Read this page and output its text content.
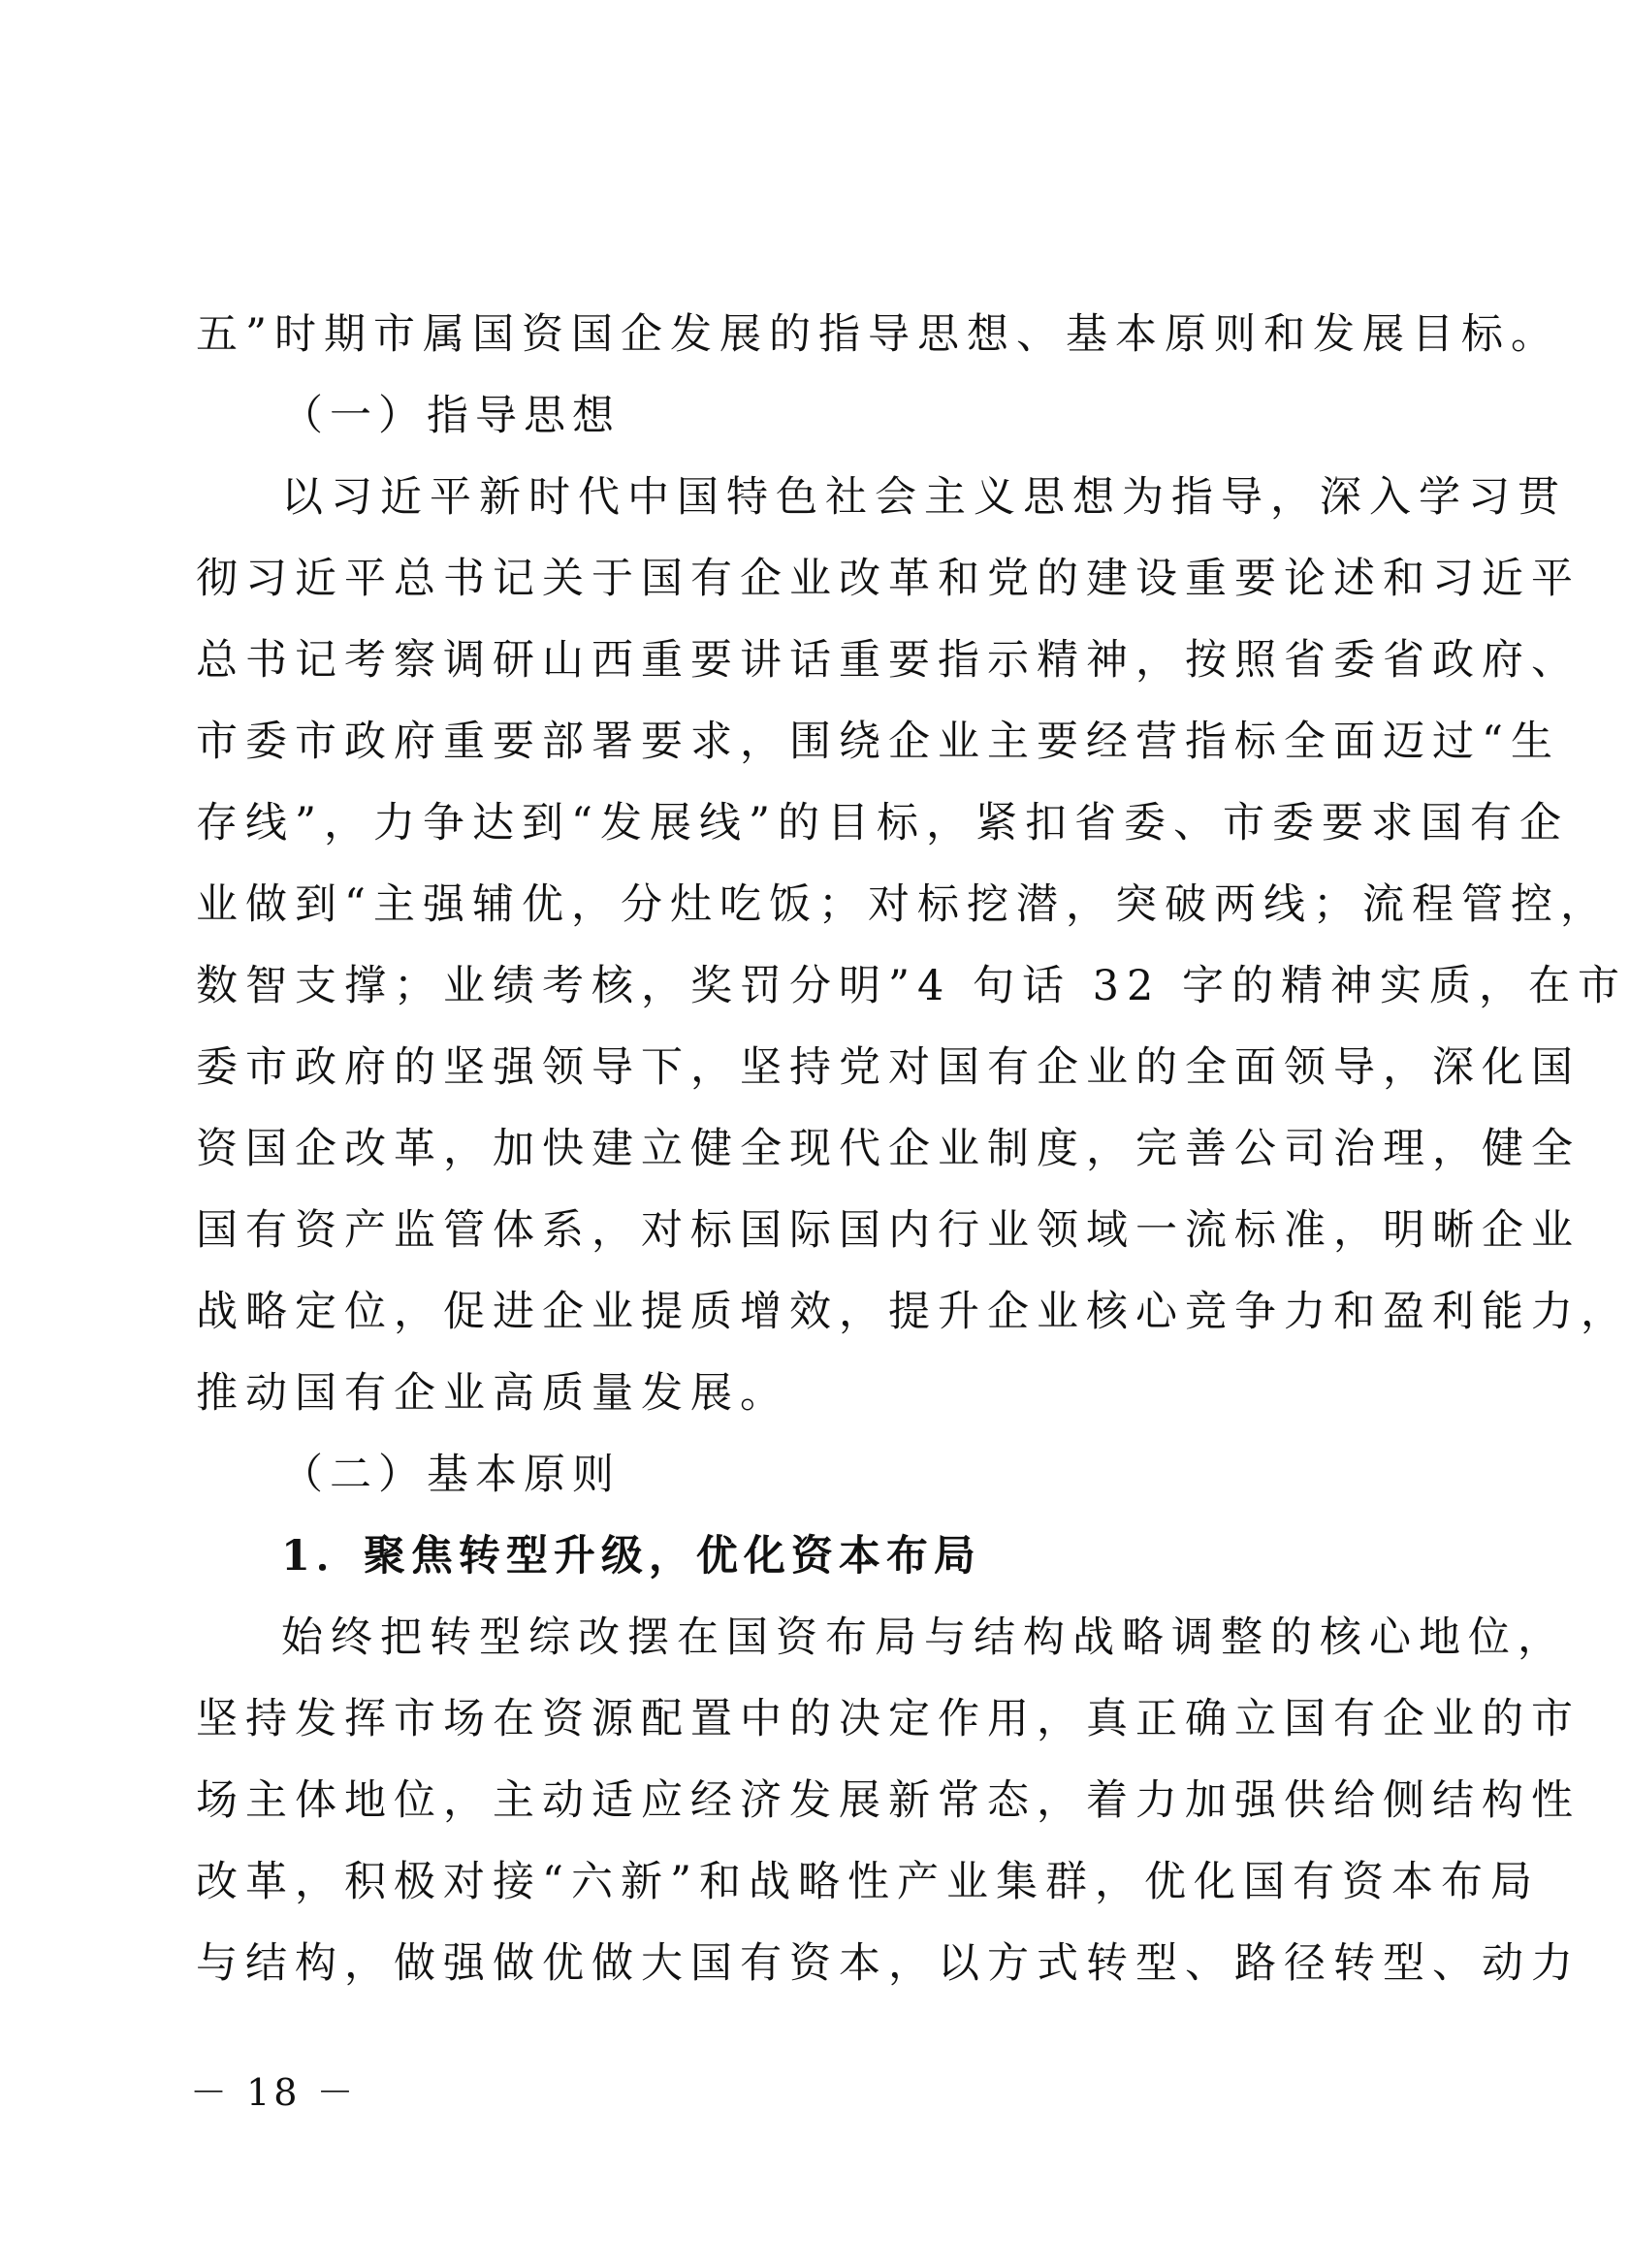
五”时期市属国资国企发展的指导思想、基本原则和发展目标。
（一）指导思想
以习近平新时代中国特色社会主义思想为指导，深入学习贯
彻习近平总书记关于国有企业改革和党的建设重要论述和习近平
总书记考察调研山西重要讲话重要指示精神，按照省委省政府、
市委市政府重要部署要求，围绕企业主要经营指标全面迈过“生
存线”，力争达到“发展线”的目标，紧扣省委、市委要求国有企
业做到“主强辅优，分灶吃饭；对标挖潜，突破两线；流程管控，
数智支撑；业绩考核，奖罚分明”4 句话 32 字的精神实质，在市
委市政府的坚强领导下，坚持党对国有企业的全面领导，深化国
资国企改革，加快建立健全现代企业制度，完善公司治理，健全
国有资产监管体系，对标国际国内行业领域一流标准，明晰企业
战略定位，促进企业提质增效，提升企业核心竞争力和盈利能力，
推动国有企业高质量发展。
（二）基本原则
1．聚焦转型升级，优化资本布局
始终把转型综改摆在国资布局与结构战略调整的核心地位，
坚持发挥市场在资源配置中的决定作用，真正确立国有企业的市
场主体地位，主动适应经济发展新常态，着力加强供给侧结构性
改革，积极对接“六新”和战略性产业集群，优化国有资本布局
与结构，做强做优做大国有资本，以方式转型、路径转型、动力
－ 18 －
